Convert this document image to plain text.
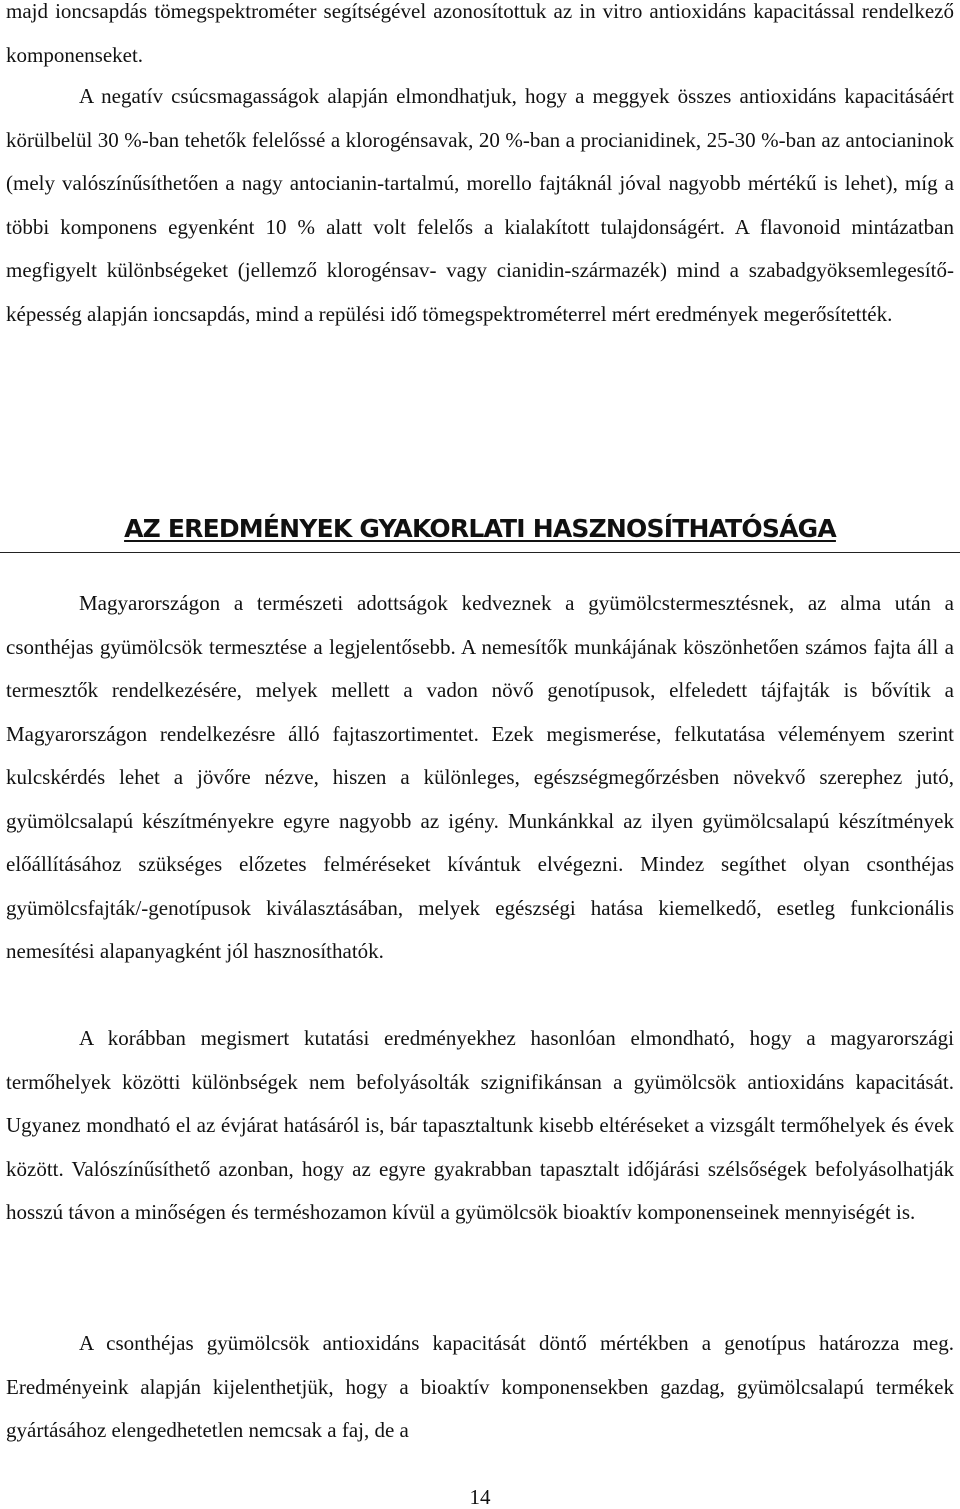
majd ioncsapdás tömegspektrométer segítségével azonosítottuk az in vitro antioxidáns kapacitással rendelkező komponenseket.

A negatív csúcsmagasságok alapján elmondhatjuk, hogy a meggyek összes antioxidáns kapacitásáért körülbelül 30 %-ban tehetők felelőssé a klorogénsavak, 20 %-ban a procianidinek, 25-30 %-ban az antocianinok (mely valószínűsíthetően a nagy antocianin-tartalmú, morello fajtáknál jóval nagyobb mértékű is lehet), míg a többi komponens egyenként 10 % alatt volt felelős a kialakított tulajdonságért. A flavonoid mintázatban megfigyelt különbségeket (jellemző klorogénsav- vagy cianidin-származék) mind a szabadgyöksemlegesítő-képesség alapján ioncsapdás, mind a repülési idő tömegspektrométerrel mért eredmények megerősítették.

AZ EREDMÉNYEK GYAKORLATI HASZNOSÍTHATÓSÁGA

Magyarországon a természeti adottságok kedveznek a gyümölcstermesztésnek, az alma után a csonthéjas gyümölcsök termesztése a legjelentősebb. A nemesítők munkájának köszönhetően számos fajta áll a termesztők rendelkezésére, melyek mellett a vadon növő genotípusok, elfeledett tájfajták is bővítik a Magyarországon rendelkezésre álló fajtaszortimentet. Ezek megismerése, felkutatása véleményem szerint kulcskérdés lehet a jövőre nézve, hiszen a különleges, egészségmegőrzésben növekvő szerephez jutó, gyümölcsalapú készítményekre egyre nagyobb az igény. Munkánkkal az ilyen gyümölcsalapú készítmények előállításához szükséges előzetes felméréseket kívántuk elvégezni. Mindez segíthet olyan csonthéjas gyümölcsfajták/-genotípusok kiválasztásában, melyek egészségi hatása kiemelkedő, esetleg funkcionális nemesítési alapanyagként jól hasznosíthatók.

A korábban megismert kutatási eredményekhez hasonlóan elmondható, hogy a magyarországi termőhelyek közötti különbségek nem befolyásolták szignifikánsan a gyümölcsök antioxidáns kapacitását. Ugyanez mondható el az évjárat hatásáról is, bár tapasztaltunk kisebb eltéréseket a vizsgált termőhelyek és évek között. Valószínűsíthető azonban, hogy az egyre gyakrabban tapasztalt időjárási szélsőségek befolyásolhatják hosszú távon a minőségen és terméshozamon kívül a gyümölcsök bioaktív komponenseinek mennyiségét is.

A csonthéjas gyümölcsök antioxidáns kapacitását döntő mértékben a genotípus határozza meg. Eredményeink alapján kijelenthetjük, hogy a bioaktív komponensekben gazdag, gyümölcsalapú termékek gyártásához elengedhetetlen nemcsak a faj, de a

14
